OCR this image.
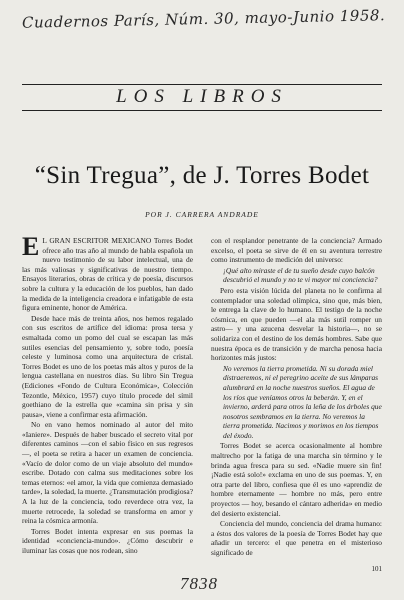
Cuadernos París, Núm. 30, mayo-Junio 1958.
LOS LIBROS
“Sin Tregua”, de J. Torres Bodet
POR J. CARRERA ANDRADE

E L GRAN ESCRITOR MEXICANO Torres Bodet ofrece año tras año al mundo de habla española un nuevo testimonio de su labor intelectual, una de las más valiosas y significativas de nuestro tiempo. Ensayos literarios, obras de crítica y de poesía, discursos sobre la cultura y la educación de los pueblos, han dado la medida de la inteligencia creadora e infatigable de esta figura eminente, honor de América.

Desde hace más de treinta años, nos hemos regalado con sus escritos de artífice del idioma: prosa tersa y esmaltada como un pomo del cual se escapan las más sutiles esencias del pensamiento y, sobre todo, poesía celeste y luminosa como una arquitectura de cristal. Torres Bodet es uno de los poetas más altos y puros de la lengua castellana en nuestros días. Su libro Sin Tregua (Ediciones «Fondo de Cultura Económica», Colección Tezontle, México, 1957) cuyo título procede del símil goethiano de la estrella que «camina sin prisa y sin pausa», viene a confirmar esta afirmación.

No en vano hemos nominado al autor del mito «Ianiere». Después de haber buscado el secreto vital por diferentes caminos —con el sabio físico en sus regresos—, el poeta se retira a hacer un examen de conciencia. «Vacío de dolor como de un viaje absoluto del mundo» escribe. Dotado con calma sus meditaciones sobre los temas eternos: «el amor, la vida que comienza demasiado tarde», la soledad, la muerte. ¿Transmutación prodigiosa? A la luz de la conciencia, todo reverdece otra vez, la muerte retrocede, la soledad se transforma en amor y reina la cósmica armonía.

Torres Bodet intenta expresar en sus poemas la identidad «conciencia-mundo». ¿Cómo descubrir e iluminar las cosas que nos rodean, sino

con el resplandor penetrante de la conciencia? Armado excelso, el poeta se sirve de él en su aventura terrestre como instrumento de medición del universo:

¡Qué alto miraste el de tu sueño desde cuyo balcón descubrió el mundo y no te vi mayor mi conciencia?

Pero esta visión lúcida del planeta no le confirma al contemplador una soledad olímpica, sino que, más bien, le entrega la clave de lo humano. El testigo de la noche cósmica, en que pueden —el ala más sutil romper un astro— y una azucena desvelar la historia—, no se solidariza con el destino de los demás hombres. Sabe que nuestra época es de transición y de marcha penosa hacia horizontes más justos:

No veremos la tierra prometida. Ni su dorada miel distraeremos, ni el peregrino aceite de sus lámparas alumbrará en la noche nuestros sueños. El agua de los ríos que veníamos otros la beberán. Y, en el invierno, arderá para otros la leña de los árboles que nosotros sembramos en la tierra. No veremos la tierra prometida. Nacimos y morimos en los tiempos del éxodo.

Torres Bodet se acerca ocasionalmente al hombre maltrecho por la fatiga de una marcha sin término y le brinda agua fresca para su sed. «Nadie muere sin fin! ¡Nadie está solo!» exclama en uno de sus poemas. Y, en otra parte del libro, confiesa que él es uno «aprendiz de hombre eternamente — hombre no más, pero entre proyectos — hoy, besando el cántaro adherida» en medio del desierto existencial.

Conciencia del mundo, conciencia del drama humano: a éstos dos valores de la poesía de Torres Bodet hay que añadir un tercero: el que penetra en el misterioso significado de

101
7838
